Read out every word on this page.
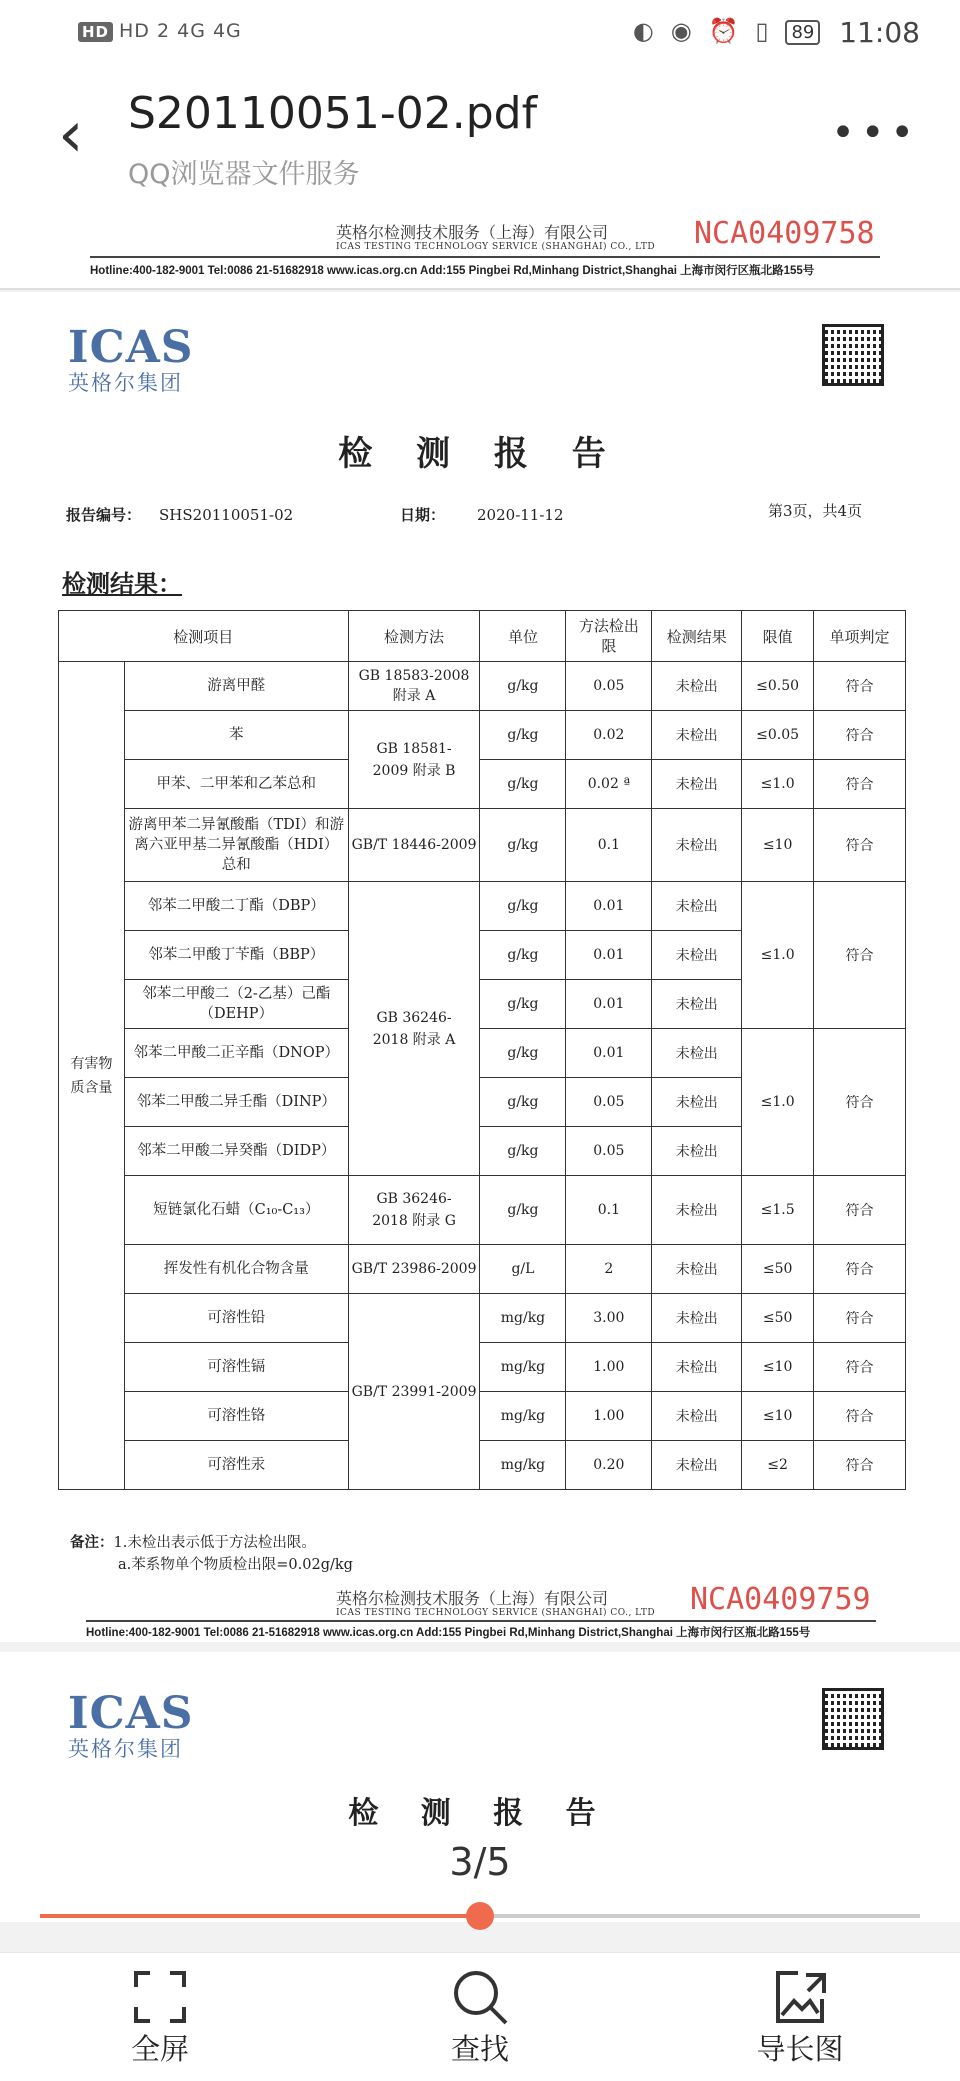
HD HD 2 4G 4G	◐ ◉ ⏰ ▯ 89 11:08
‹	S20110051-02.pdf
QQ浏览器文件服务
•••
英格尔检测技术服务（上海）有限公司
ICAS TESTING TECHNOLOGY SERVICE (SHANGHAI) CO., LTD NCA0409758
Hotline:400-182-9001 Tel:0086 21-51682918 www.icas.org.cn Add:155 Pingbei Rd,Minhang District,Shanghai 上海市闵行区瓶北路155号
ICAS
英格尔集团
检 测 报 告
报告编号： SHS20110051-02	日期： 2020-11-12	第3页，共4页
检测结果：
检测项目		检测方法	单位	方法检出限	检测结果	限值	单项判定
有害物质含量	游离甲醛	GB 18583-2008 附录 A	g/kg	0.05	未检出	≤0.50	符合
	苯	GB 18581-2009 附录 B	g/kg	0.02	未检出	≤0.05	符合
	甲苯、二甲苯和乙苯总和		g/kg	0.02 ª	未检出	≤1.0	符合
	游离甲苯二异氰酸酯（TDI）和游离六亚甲基二异氰酸酯（HDI）总和	GB/T 18446-2009	g/kg	0.1	未检出	≤10	符合
	邻苯二甲酸二丁酯（DBP）	GB 36246-2018 附录 A	g/kg	0.01	未检出	≤1.0	符合
	邻苯二甲酸丁苄酯（BBP）		g/kg	0.01	未检出		
	邻苯二甲酸二（2-乙基）己酯（DEHP）		g/kg	0.01	未检出		
	邻苯二甲酸二正辛酯（DNOP）		g/kg	0.01	未检出	≤1.0	符合
	邻苯二甲酸二异壬酯（DINP）		g/kg	0.05	未检出		
	邻苯二甲酸二异癸酯（DIDP）		g/kg	0.05	未检出		
	短链氯化石蜡（C₁₀-C₁₃）	GB 36246-2018 附录 G	g/kg	0.1	未检出	≤1.5	符合
	挥发性有机化合物含量	GB/T 23986-2009	g/L	2	未检出	≤50	符合
	可溶性铅	GB/T 23991-2009	mg/kg	3.00	未检出	≤50	符合
	可溶性镉		mg/kg	1.00	未检出	≤10	符合
	可溶性铬		mg/kg	1.00	未检出	≤10	符合
	可溶性汞		mg/kg	0.20	未检出	≤2	符合
备注：1.未检出表示低于方法检出限。
a.苯系物单个物质检出限=0.02g/kg
英格尔检测技术服务（上海）有限公司
ICAS TESTING TECHNOLOGY SERVICE (SHANGHAI) CO., LTD NCA0409759
Hotline:400-182-9001 Tel:0086 21-51682918 www.icas.org.cn Add:155 Pingbei Rd,Minhang District,Shanghai 上海市闵行区瓶北路155号
ICAS
英格尔集团
检 测 报 告
3/5
全屏	查找	导长图
